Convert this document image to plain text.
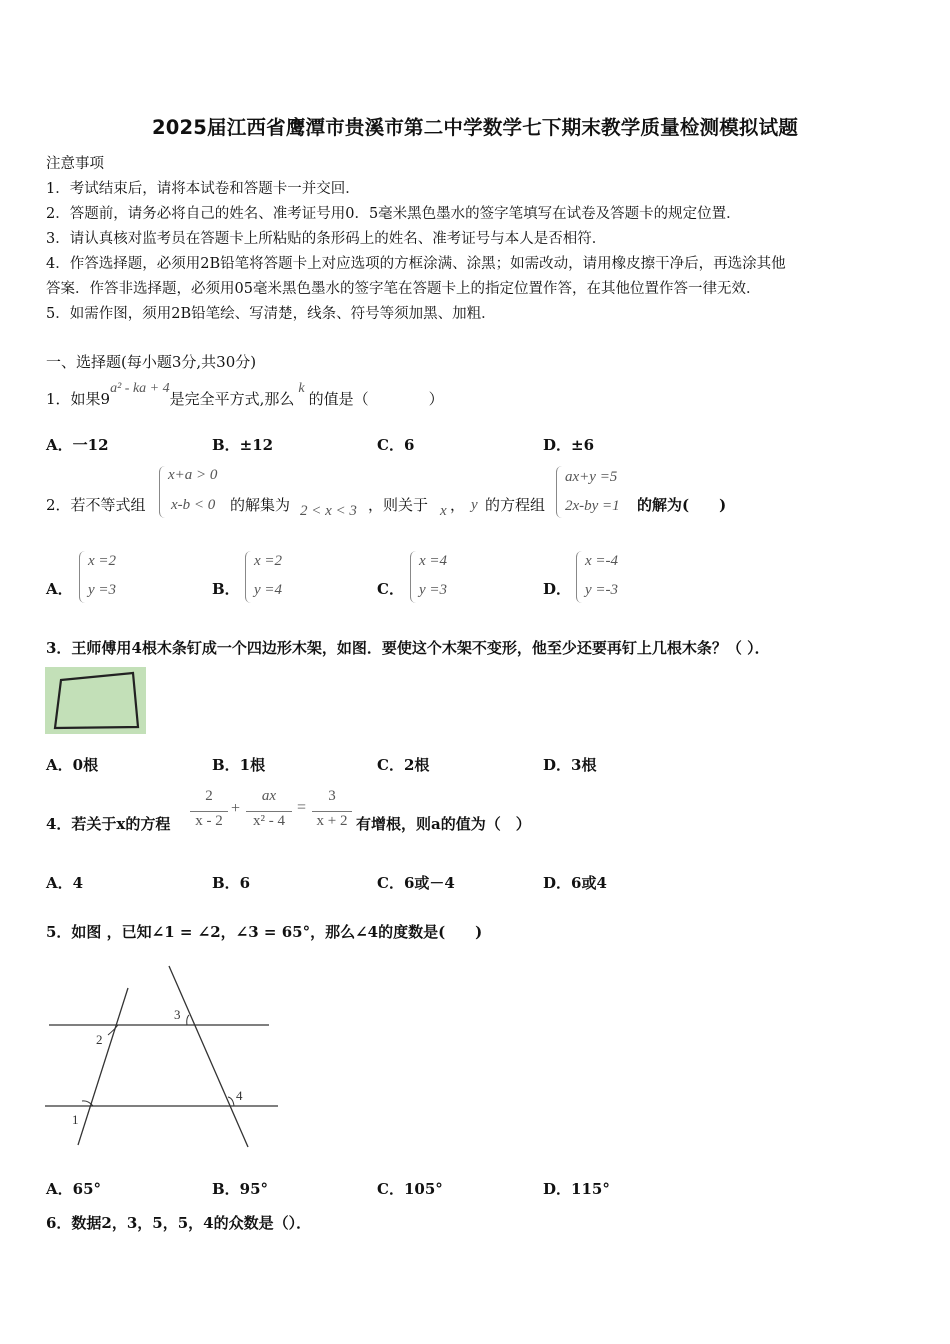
2025届江西省鹰潭市贵溪市第二中学数学七下期末教学质量检测模拟试题
注意事项
1．考试结束后，请将本试卷和答题卡一并交回．
2．答题前，请务必将自己的姓名、准考证号用0．5毫米黑色墨水的签字笔填写在试卷及答题卡的规定位置．
3．请认真核对监考员在答题卡上所粘贴的条形码上的姓名、准考证号与本人是否相符．
4．作答选择题，必须用2B铅笔将答题卡上对应选项的方框涂满、涂黑；如需改动，请用橡皮擦干净后，再选涂其他
答案．作答非选择题，必须用05毫米黑色墨水的签字笔在答题卡上的指定位置作答，在其他位置作答一律无效．
5．如需作图，须用2B铅笔绘、写清楚，线条、符号等须加黑、加粗．
一、选择题(每小题3分,共30分)
1．如果9a² - ka + 4是完全平方式,那么k的值是（　　　　）
A．一12	B．±12	C．6	D．±6
2．若不等式组
x+a > 0
x-b < 0 的解集为 2 < x < 3 ，则关于 x ， y 的方程组
ax+y =5
2x-by =1 的解为(　　)
A．
x =2
y =3	B．
x =2
y =4	C．
x =4
y =3	D．
x =-4
y =-3
3．王师傅用4根木条钉成一个四边形木架，如图．要使这个木架不变形，他至少还要再钉上几根木条？（ ）．
A．0根	B．1根	C．2根	D．3根
4．若关于x的方程
2
x - 2
+
ax
x² - 4
=
3
x + 2 有增根，则a的值为（　）
A．4	B．6	C．6或－4	D．6或4
5．如图 ，已知∠1 = ∠2，∠3 = 65°，那么∠4的度数是(　　)
2
1
3
4
A．65°	B．95°	C．105°	D．115°
6．数据2，3，5，5，4的众数是（）．
